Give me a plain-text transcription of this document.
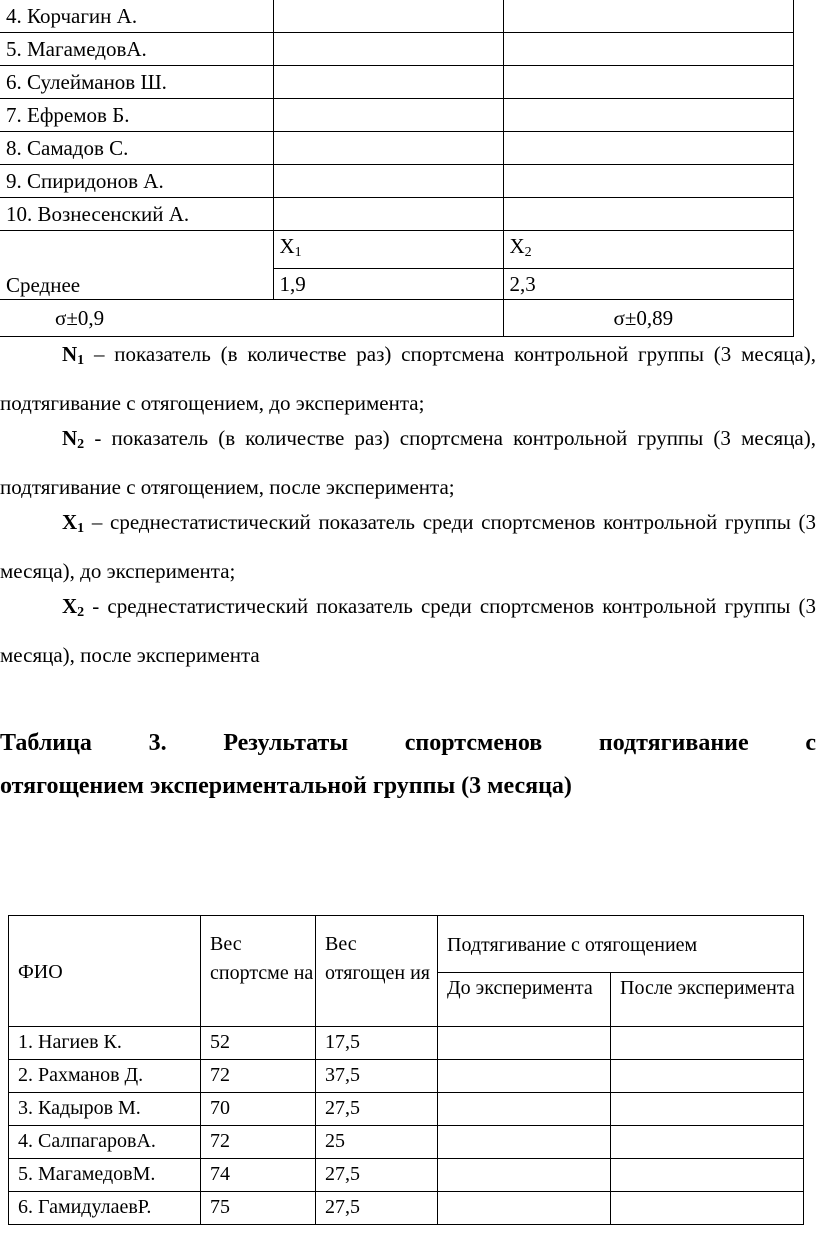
4. Корчагин А.		
5. МагамедовА.		
6. Сулейманов Ш.		
7. Ефремов Б.		
8. Самадов С.		
9. Спиридонов А.		
10. Вознесенский А.		
Среднее	$X_1$	$X_2$
	1,9	2,3
σ±0,9		σ±0,89
$N_1$ – показатель (в количестве раз) спортсмена контрольной группы (3 месяца), подтягивание с отягощением, до эксперимента;
$N_2$ - показатель (в количестве раз) спортсмена контрольной группы (3 месяца), подтягивание с отягощением, после эксперимента;
$X_1$ – среднестатистический показатель среди спортсменов контрольной группы (3 месяца), до эксперимента;
$X_2$ - среднестатистический показатель среди спортсменов контрольной группы (3 месяца), после эксперимента
Таблица 3. Результаты спортсменов подтягивание с
отягощением экспериментальной группы (3 месяца)
ФИО	Вес спортсме на	Вес отягощен ия	Подтягивание с отягощением	
			До эксперимента	После эксперимента
1. Нагиев К.	52	17,5		
2. Рахманов Д.	72	37,5		
3. Кадыров М.	70	27,5		
4. СалпагаровА.	72	25		
5. МагамедовМ.	74	27,5		
6. ГамидулаевР.	75	27,5		
